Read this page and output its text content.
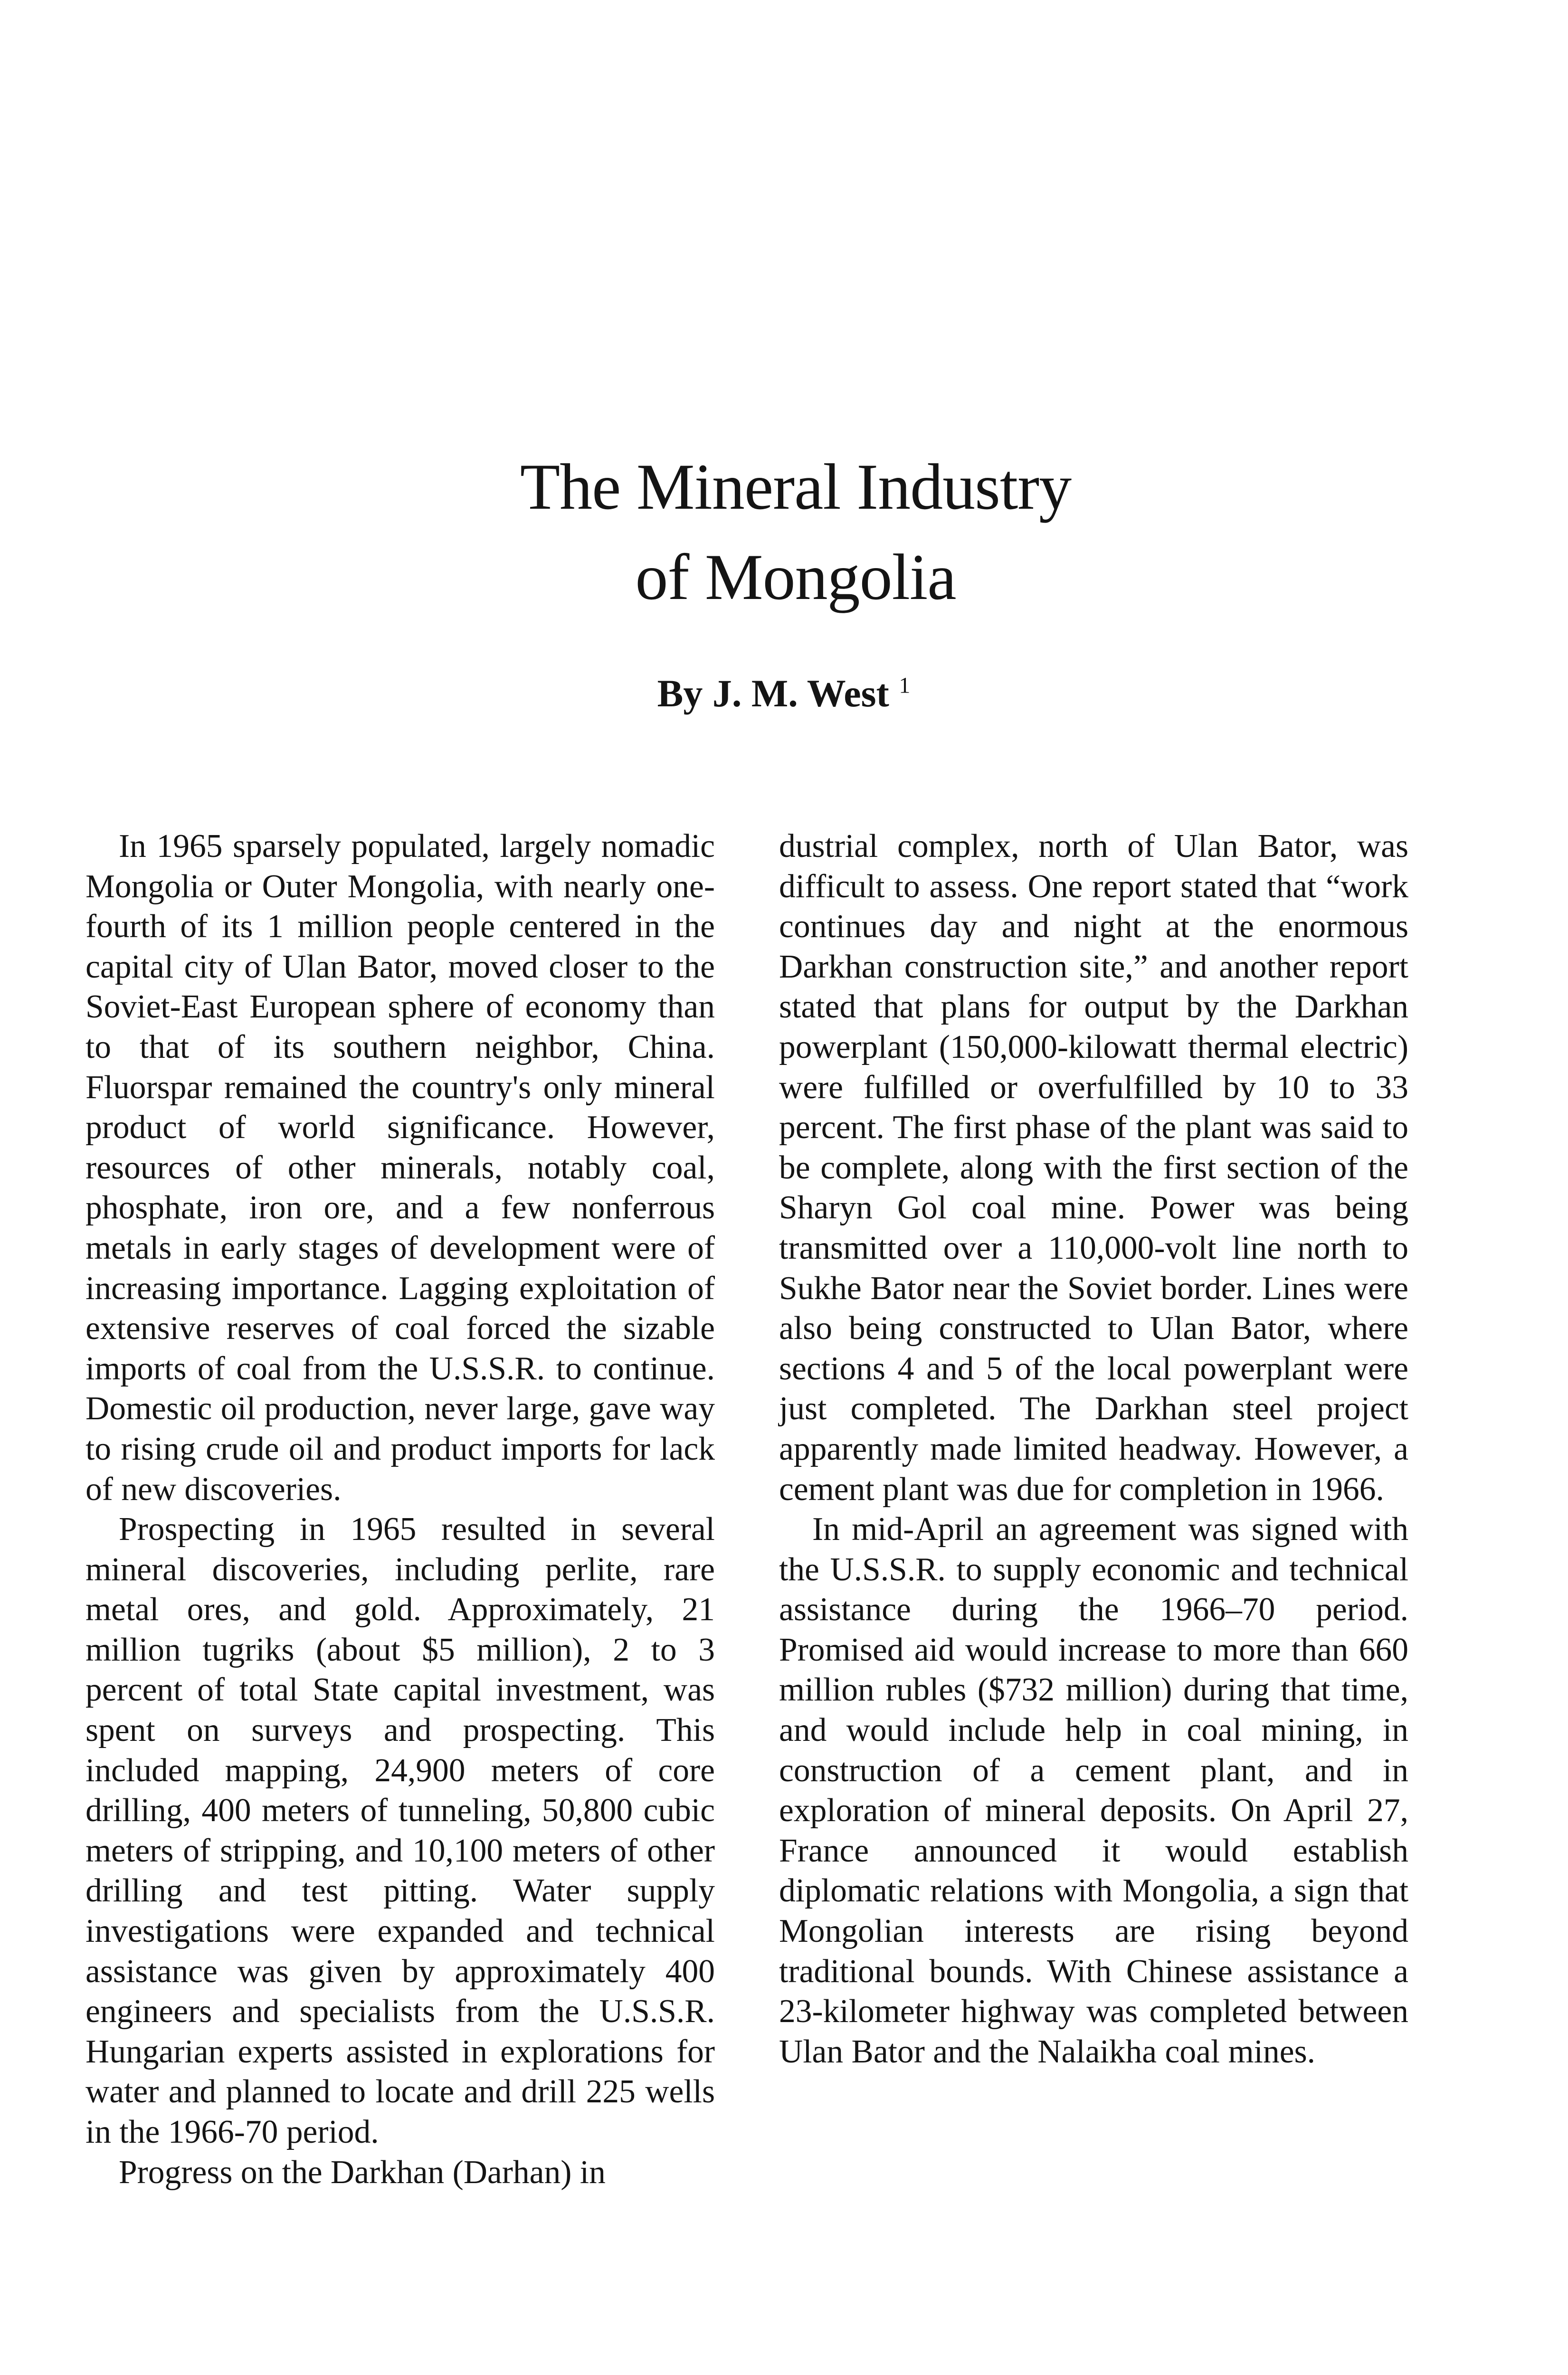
The Mineral Industry
of Mongolia
By J. M. West $^1$

In 1965 sparsely populated, largely nomadic Mongolia or Outer Mongolia, with nearly one-fourth of its 1 million people centered in the capital city of Ulan Bator, moved closer to the Soviet-East European sphere of economy than to that of its southern neighbor, China. Fluorspar remained the country's only mineral product of world significance. However, resources of other minerals, notably coal, phosphate, iron ore, and a few nonferrous metals in early stages of development were of increasing importance. Lagging exploitation of extensive reserves of coal forced the sizable imports of coal from the U.S.S.R. to continue. Domestic oil production, never large, gave way to rising crude oil and product imports for lack of new discoveries.

Prospecting in 1965 resulted in several mineral discoveries, including perlite, rare metal ores, and gold. Approximately, 21 million tugriks (about $5 million), 2 to 3 percent of total State capital investment, was spent on surveys and prospecting. This included mapping, 24,900 meters of core drilling, 400 meters of tunneling, 50,800 cubic meters of stripping, and 10,100 meters of other drilling and test pitting. Water supply investigations were expanded and technical assistance was given by approximately 400 engineers and specialists from the U.S.S.R. Hungarian experts assisted in explorations for water and planned to locate and drill 225 wells in the 1966-70 period.

Progress on the Darkhan (Darhan) in

dustrial complex, north of Ulan Bator, was difficult to assess. One report stated that “work continues day and night at the enormous Darkhan construction site,” and another report stated that plans for output by the Darkhan powerplant (150,000-kilowatt thermal electric) were fulfilled or overfulfilled by 10 to 33 percent. The first phase of the plant was said to be complete, along with the first section of the Sharyn Gol coal mine. Power was being transmitted over a 110,000-volt line north to Sukhe Bator near the Soviet border. Lines were also being constructed to Ulan Bator, where sections 4 and 5 of the local powerplant were just completed. The Darkhan steel project apparently made limited headway. However, a cement plant was due for completion in 1966.

In mid-April an agreement was signed with the U.S.S.R. to supply economic and technical assistance during the 1966–70 period. Promised aid would increase to more than 660 million rubles ($732 million) during that time, and would include help in coal mining, in construction of a cement plant, and in exploration of mineral deposits. On April 27, France announced it would establish diplomatic relations with Mongolia, a sign that Mongolian interests are rising beyond traditional bounds. With Chinese assistance a 23-kilometer highway was completed between Ulan Bator and the Nalaikha coal mines.
